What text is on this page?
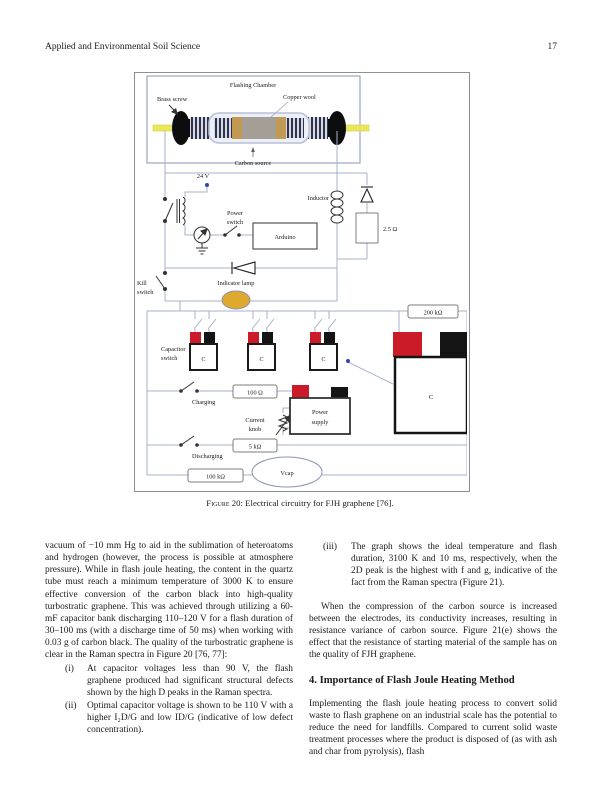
Applied and Environmental Soil Science	17
Flashing Chamber
Brass screw	Copper wool
Carbon source
24 V
Power
switch
Arduino
Inductor
2.5 Ω
Kill
switch
Indicator lamp
Capacitor
switch	C	C	C
200 kΩ
C
Charging
100 Ω
Current
knob
Power
supply
Discharging
5 kΩ
100 kΩ	Vcap
Figure 20: Electrical circuitry for FJH graphene [76].

vacuum of −10 mm Hg to aid in the sublimation of heteroatoms and hydrogen (however, the process is possible at atmosphere pressure). While in flash joule heating, the content in the quartz tube must reach a minimum temperature of 3000 K to ensure effective conversion of the carbon black into high-quality turbostratic graphene. This was achieved through utilizing a 60-mF capacitor bank discharging 110–120 V for a flash duration of 30–100 ms (with a discharge time of 50 ms) when working with 0.03 g of carbon black. The quality of the turbostratic graphene is clear in the Raman spectra in Figure 20 [76, 77]:

(i) At capacitor voltages less than 90 V, the flash graphene produced had significant structural defects shown by the high D peaks in the Raman spectra.
(ii) Optimal capacitor voltage is shown to be 110 V with a higher I₂D/G and low ID/G (indicative of low defect concentration).
(iii) The graph shows the ideal temperature and flash duration, 3100 K and 10 ms, respectively, when the 2D peak is the highest with f and g, indicative of the fact from the Raman spectra (Figure 21).

When the compression of the carbon source is increased between the electrodes, its conductivity increases, resulting in resistance variance of carbon source. Figure 21(e) shows the effect that the resistance of starting material of the sample has on the quality of FJH graphene.

4. Importance of Flash Joule Heating Method

Implementing the flash joule heating process to convert solid waste to flash graphene on an industrial scale has the potential to reduce the need for landfills. Compared to current solid waste treatment processes where the product is disposed of (as with ash and char from pyrolysis), flash
